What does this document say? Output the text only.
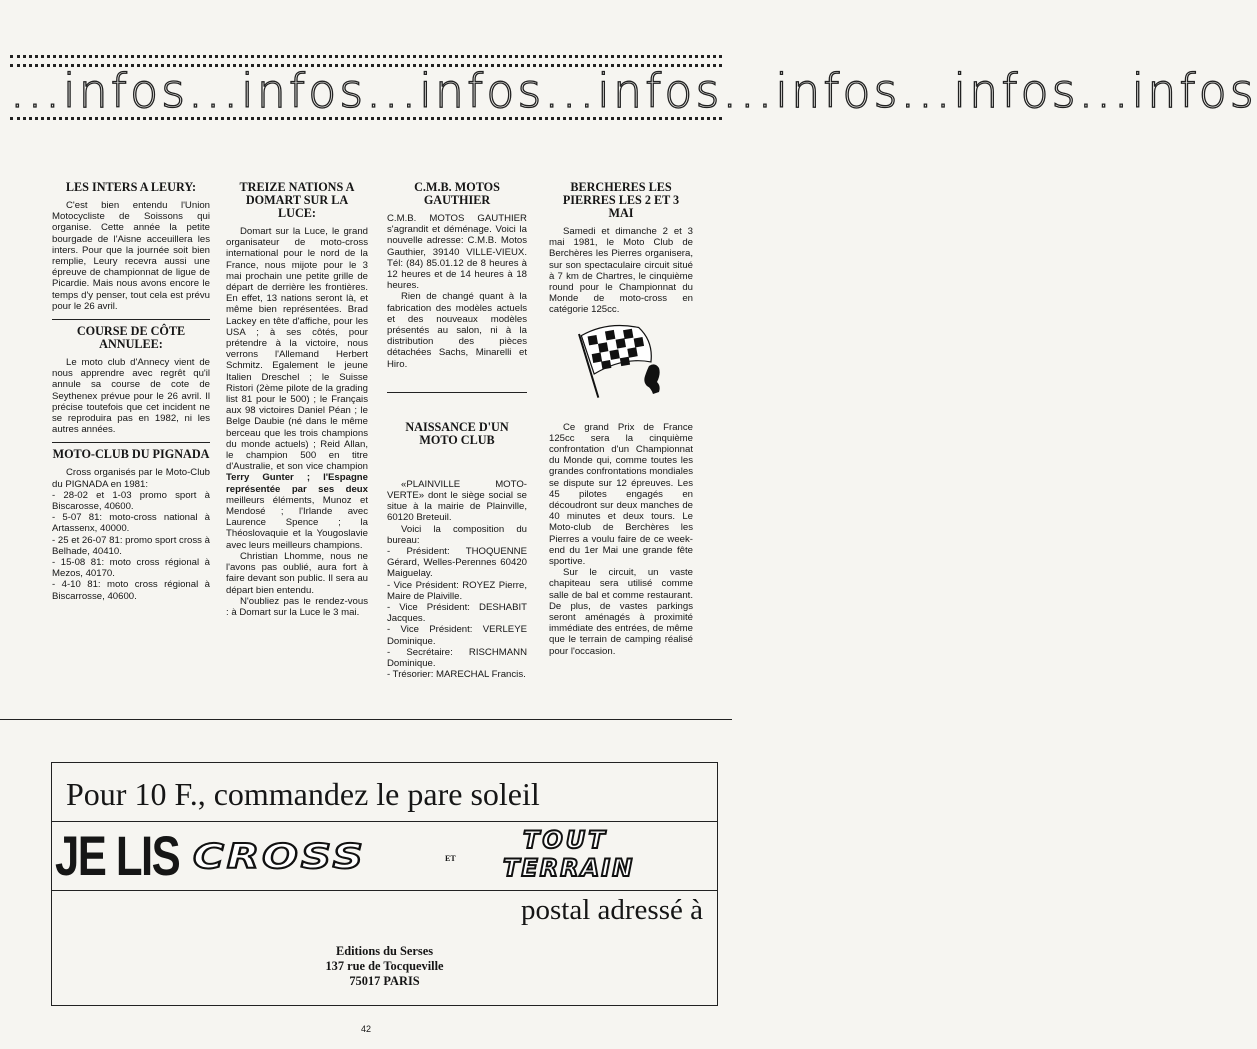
...infos...infos...infos...infos...infos...infos...infos
LES INTERS A LEURY:

C'est bien entendu l'Union Motocycliste de Soissons qui organise. Cette année la petite bourgade de l'Aisne acceuillera les inters. Pour que la journée soit bien remplie, Leury recevra aussi une épreuve de championnat de ligue de Picardie. Mais nous avons encore le temps d'y penser, tout cela est prévu pour le 26 avril.

COURSE DE CÔTE ANNULEE:

Le moto club d'Annecy vient de nous apprendre avec regrêt qu'il annule sa course de cote de Seythenex prévue pour le 26 avril. Il précise toutefois que cet incident ne se reproduira pas en 1982, ni les autres années.

MOTO-CLUB DU PIGNADA

Cross organisés par le Moto-Club du PIGNADA en 1981:

- 28-02 et 1-03 promo sport à Biscarosse, 40600.

- 5-07 81: moto-cross national à Artassenx, 40000.

- 25 et 26-07 81: promo sport cross à Belhade, 40410.

- 15-08 81: moto cross régional à Mezos, 40170.

- 4-10 81: moto cross régional à Biscarrosse, 40600.

TREIZE NATIONS A DOMART SUR LA LUCE:

Domart sur la Luce, le grand organisateur de moto-cross international pour le nord de la France, nous mijote pour le 3 mai prochain une petite grille de départ de derrière les frontières. En effet, 13 nations seront là, et même bien représentées. Brad Lackey en tête d'affiche, pour les USA ; à ses côtés, pour prétendre à la victoire, nous verrons l'Allemand Herbert Schmitz. Egalement le jeune Italien Dreschel ; le Suisse Ristori (2ème pilote de la grading list 81 pour le 500) ; le Français aux 98 victoires Daniel Péan ; le Belge Daubie (né dans le même berceau que les trois champions du monde actuels) ; Reid Allan, le champion 500 en titre d'Australie, et son vice champion Terry Gunter ; l'Espagne représentée par ses deux meilleurs éléments, Munoz et Mendosé ; l'Irlande avec Laurence Spence ; la Théoslovaquie et la Yougoslavie avec leurs meilleurs champions.

Christian Lhomme, nous ne l'avons pas oublié, aura fort à faire devant son public. Il sera au départ bien entendu.

N'oubliez pas le rendez-vous : à Domart sur la Luce le 3 mai.

C.M.B. MOTOS GAUTHIER

C.M.B. MOTOS GAUTHIER s'agrandit et déménage. Voici la nouvelle adresse: C.M.B. Motos Gauthier, 39140 VILLE-VIEUX. Tél: (84) 85.01.12 de 8 heures à 12 heures et de 14 heures à 18 heures.

Rien de changé quant à la fabrication des modèles actuels et des nouveaux modèles présentés au salon, ni à la distribution des pièces détachées Sachs, Minarelli et Hiro.

NAISSANCE D'UN MOTO CLUB

«PLAINVILLE MOTO-VERTE» dont le siège social se situe à la mairie de Plainville, 60120 Breteuil.

Voici la composition du bureau:

- Président: THOQUENNE Gérard, Welles-Perennes 60420 Maiguelay.

- Vice Président: ROYEZ Pierre, Maire de Plaiville.

- Vice Président: DESHABIT Jacques.

- Vice Président: VERLEYE Dominique.

- Secrétaire: RISCHMANN Dominique.

- Trésorier: MARECHAL Francis.

BERCHERES LES PIERRES LES 2 ET 3 MAI

Samedi et dimanche 2 et 3 mai 1981, le Moto Club de Berchères les Pierres organisera, sur son spectaculaire circuit situé à 7 km de Chartres, le cinquième round pour le Championnat du Monde de moto-cross en catégorie 125cc.

Ce grand Prix de France 125cc sera la cinquième confrontation d'un Championnat du Monde qui, comme toutes les grandes confrontations mondiales se dispute sur 12 épreuves. Les 45 pilotes engagés en découdront sur deux manches de 40 minutes et deux tours. Le Moto-club de Berchères les Pierres a voulu faire de ce week-end du 1er Mai une grande fête sportive.

Sur le circuit, un vaste chapiteau sera utilisé comme salle de bal et comme restaurant. De plus, de vastes parkings seront aménagés à proximité immédiate des entrées, de même que le terrain de camping réalisé pour l'occasion.

Pour 10 F., commandez le pare soleil
JE LIS CROSS	ET
TOUT
TERRAIN
postal adressé à
Editions du Serses
137 rue de Tocqueville
75017 PARIS
42
